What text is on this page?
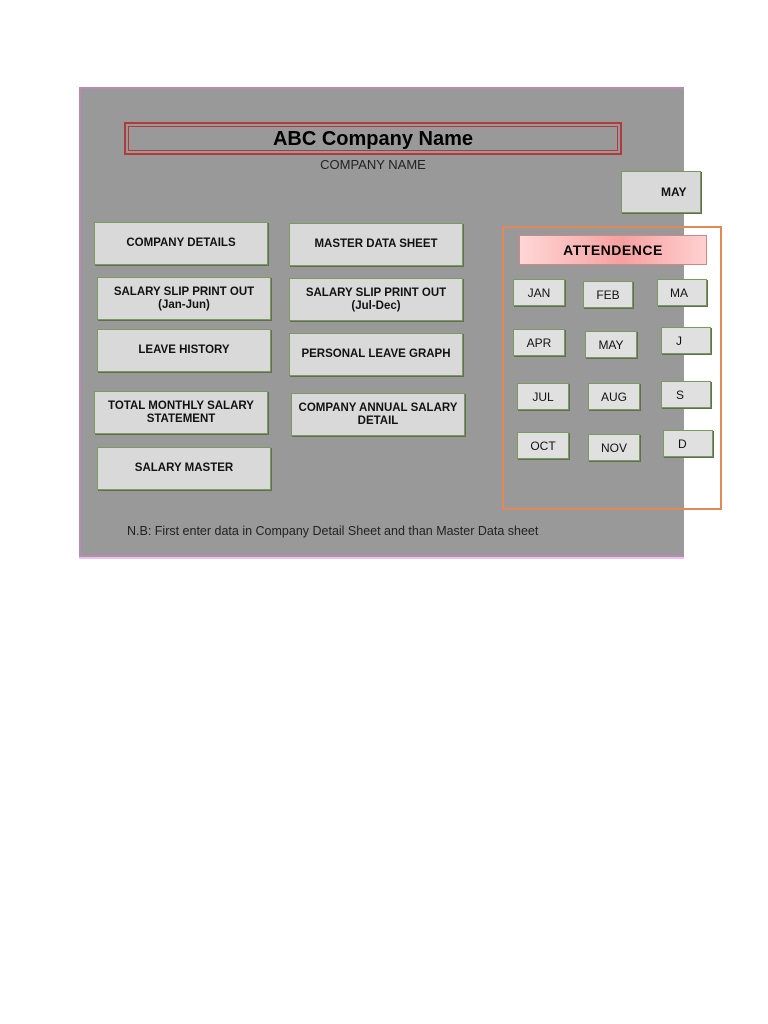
ABC Company Name
COMPANY NAME
MAY
COMPANY DETAILS	MASTER DATA SHEET
SALARY SLIP PRINT OUT
(Jan-Jun)
SALARY SLIP PRINT OUT
(Jul-Dec)
LEAVE HISTORY	PERSONAL LEAVE GRAPH
TOTAL MONTHLY SALARY
STATEMENT
COMPANY ANNUAL SALARY
DETAIL
SALARY MASTER
JAN	FEB	MA
APR	MAY	J
JUL	AUG	S
OCT	NOV	D
N.B: First enter data in Company Detail Sheet and than Master Data sheet
ATTENDENCE
